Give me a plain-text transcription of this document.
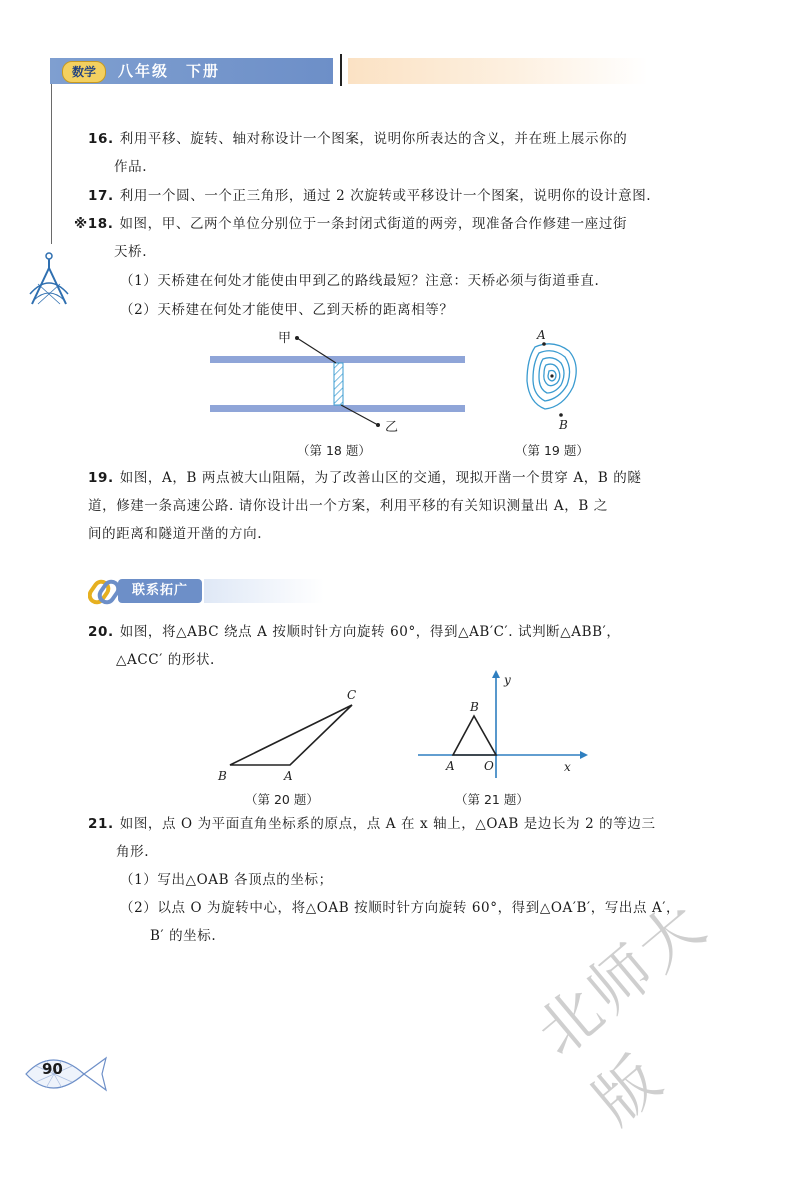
数学	八年级　下册
16. 利用平移、旋转、轴对称设计一个图案，说明你所表达的含义，并在班上展示你的
作品.
17. 利用一个圆、一个正三角形，通过 2 次旋转或平移设计一个图案，说明你的设计意图.
※18. 如图，甲、乙两个单位分别位于一条封闭式街道的两旁，现准备合作修建一座过街
天桥.
（1）天桥建在何处才能使由甲到乙的路线最短？注意：天桥必须与街道垂直.
（2）天桥建在何处才能使甲、乙到天桥的距离相等？
甲
乙
（第 18 题）
A
B
（第 19 题）
19. 如图，A，B 两点被大山阻隔，为了改善山区的交通，现拟开凿一个贯穿 A，B 的隧
道，修建一条高速公路. 请你设计出一个方案，利用平移的有关知识测量出 A，B 之
间的距离和隧道开凿的方向.
联系拓广
20. 如图，将△ABC 绕点 A 按顺时针方向旋转 60°，得到△AB′C′. 试判断△ABB′，
△ACC′ 的形状.
B	A
C
（第 20 题）
A
B
O	x
y
（第 21 题）
21. 如图，点 O 为平面直角坐标系的原点，点 A 在 x 轴上，△OAB 是边长为 2 的等边三
角形.
（1）写出△OAB 各顶点的坐标；
（2）以点 O 为旋转中心，将△OAB 按顺时针方向旋转 60°，得到△OA′B′，写出点 A′，
B′ 的坐标.
90	北师大版
